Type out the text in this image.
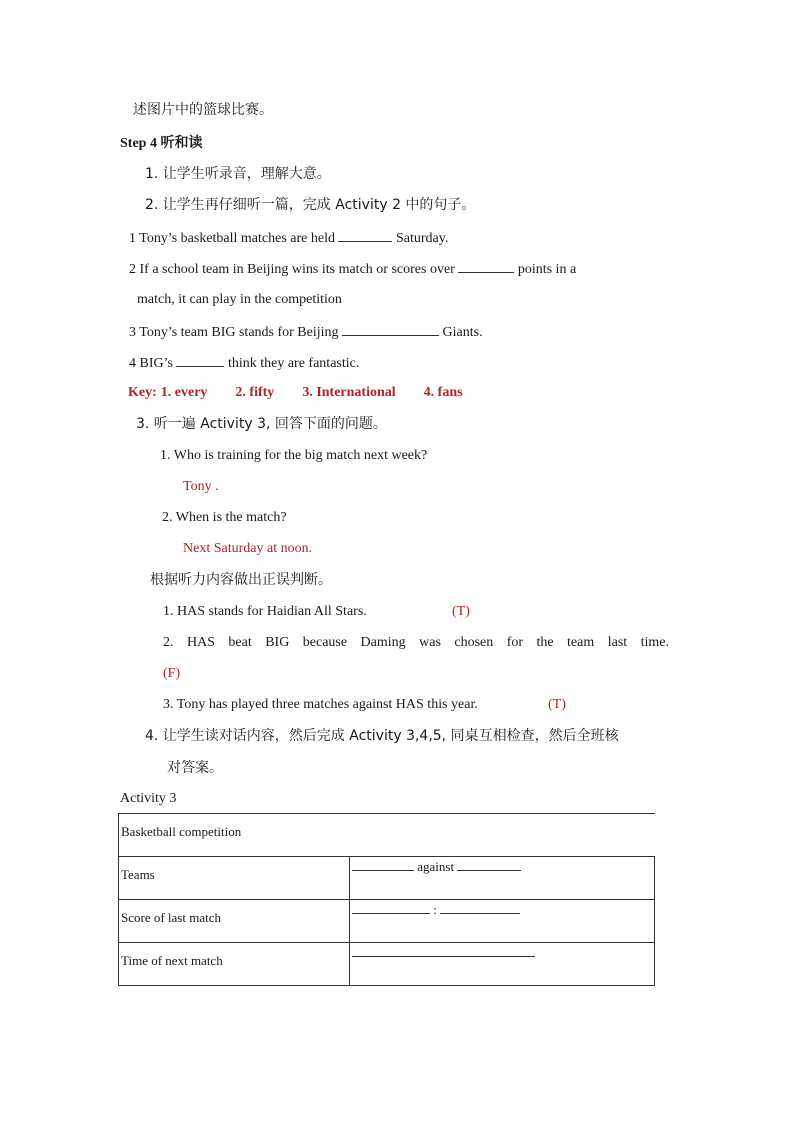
述图片中的篮球比赛。
Step 4 听和读
1. 让学生听录音，理解大意。
2. 让学生再仔细听一篇，完成 Activity 2 中的句子。
1 Tony’s basketball matches are held	Saturday.
2 If a school team in Beijing wins its match or scores over	points in a
match, it can play in the competition
3 Tony’s team BIG stands for Beijing	Giants.
4 BIG’s	think they are fantastic.
Key: 1. every 2. fifty 3. International 4. fans
3. 听一遍 Activity 3, 回答下面的问题。
1. Who is training for the big match next week?
Tony .
2. When is the match?
Next Saturday at noon.
根据听力内容做出正误判断。
1. HAS stands for Haidian All Stars.	(T)
2. HAS beat BIG because Daming was chosen for the team last time.
(F)
3. Tony has played three matches against HAS this year.	(T)
4. 让学生读对话内容，然后完成 Activity 3,4,5, 同桌互相检查，然后全班核
对答案。
Activity 3
Basketball competition	

Teams	against

Score of last match	:

Time of next match	
